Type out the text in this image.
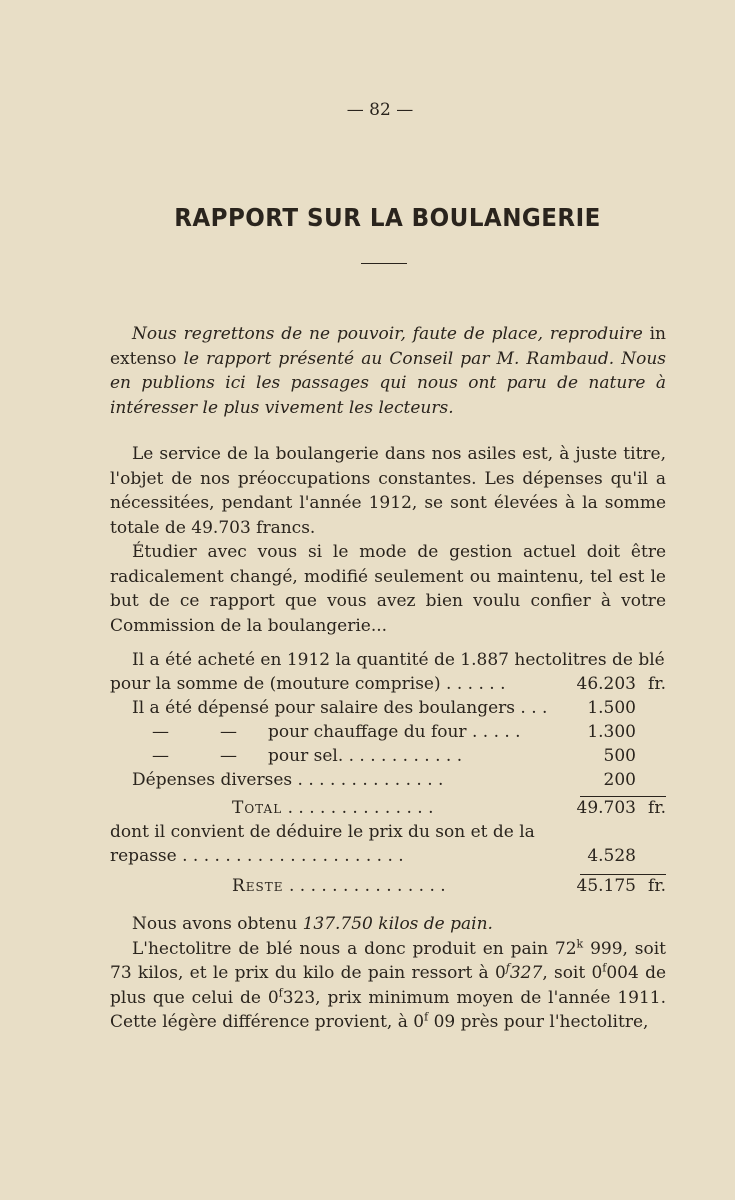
— 82 —
RAPPORT SUR LA BOULANGERIE
Nous regrettons de ne pouvoir, faute de place, reproduire in extenso le rapport présenté au Conseil par M. Rambaud. Nous en publions ici les passages qui nous ont paru de nature à intéresser le plus vivement les lecteurs.
Le service de la boulangerie dans nos asiles est, à juste titre, l'objet de nos préoccupations constantes. Les dépenses qu'il a nécessitées, pendant l'année 1912, se sont élevées à la somme totale de 49.703 francs.
Étudier avec vous si le mode de gestion actuel doit être radicalement changé, modifié seulement ou maintenu, tel est le but de ce rapport que vous avez bien voulu confier à votre Commission de la boulangerie...
Il a été acheté en 1912 la quantité de 1.887 hectolitres de blé
pour la somme de (mouture comprise) . . . . . .	46.203 fr.
Il a été dépensé pour salaire des boulangers . . . 1.500
—	— pour chauffage du four . . . . .	1.300
—	— pour sel. . . . . . . . . . . .	500
Dépenses diverses . . . . . . . . . . . . . .	200
Total . . . . . . . . . . . . . .	49.703 fr.
dont il convient de déduire le prix du son et de la
repasse . . . . . . . . . . . . . . . . . . . . .	4.528
Reste . . . . . . . . . . . . . . .	45.175 fr.
Nous avons obtenu 137.750 kilos de pain.
L'hectolitre de blé nous a donc produit en pain 72$^k$ 999, soit 73 kilos, et le prix du kilo de pain ressort à 0$^f$327, soit 0$^f$004 de plus que celui de 0$^f$323, prix minimum moyen de l'année 1911. Cette légère différence provient, à 0$^f$ 09 près pour l'hectolitre,
